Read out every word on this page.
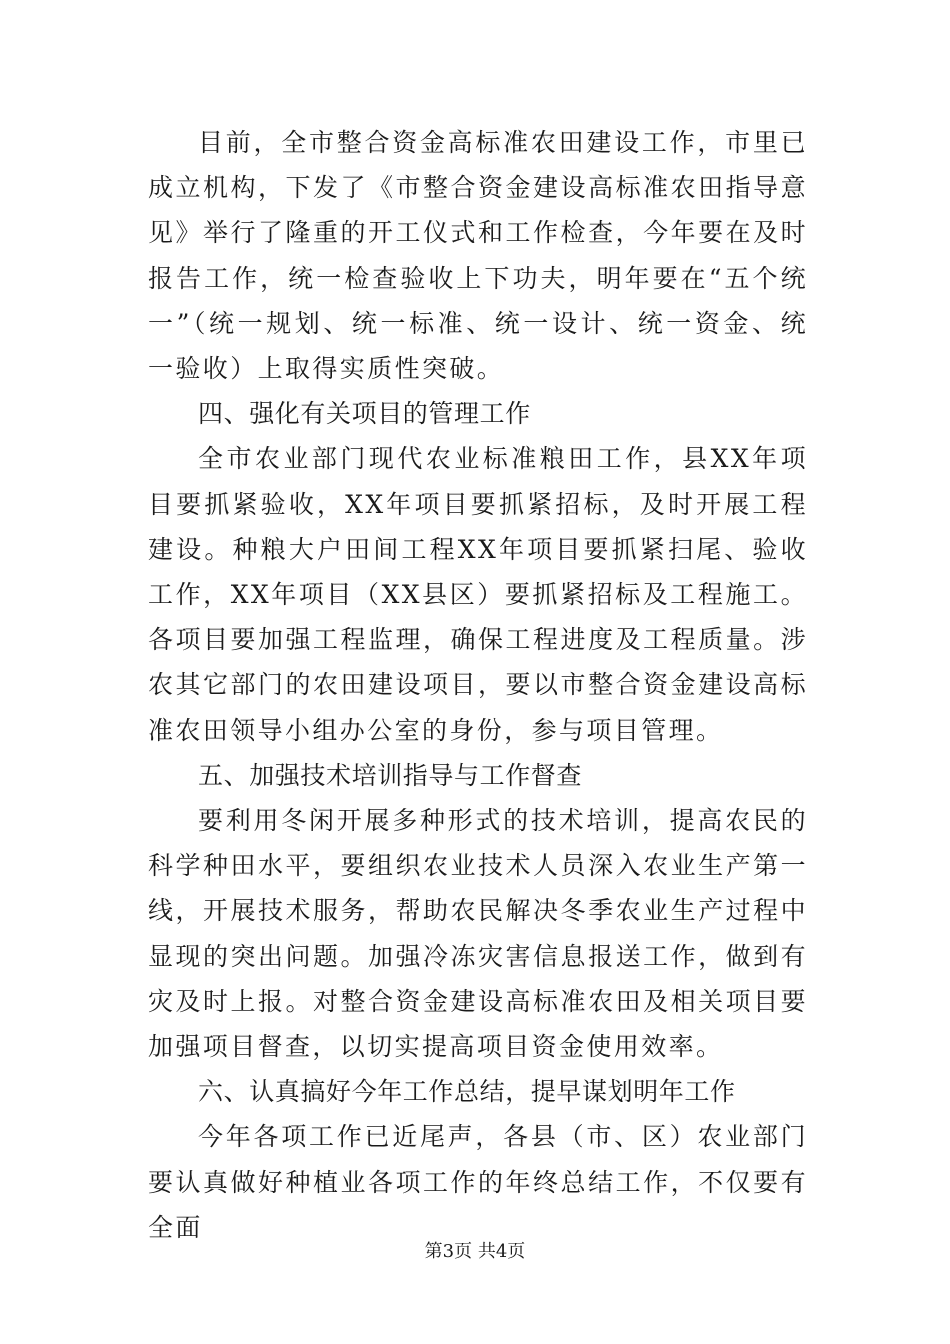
目前，全市整合资金高标准农田建设工作，市里已成立机构，下发了《市整合资金建设高标准农田指导意见》举行了隆重的开工仪式和工作检查，今年要在及时报告工作，统一检查验收上下功夫，明年要在“五个统一”（统一规划、统一标准、统一设计、统一资金、统一验收）上取得实质性突破。

四、强化有关项目的管理工作

全市农业部门现代农业标准粮田工作，县XX年项目要抓紧验收，XX年项目要抓紧招标，及时开展工程建设。种粮大户田间工程XX年项目要抓紧扫尾、验收工作，XX年项目（XX县区）要抓紧招标及工程施工。各项目要加强工程监理，确保工程进度及工程质量。涉农其它部门的农田建设项目，要以市整合资金建设高标准农田领导小组办公室的身份，参与项目管理。

五、加强技术培训指导与工作督查

要利用冬闲开展多种形式的技术培训，提高农民的科学种田水平，要组织农业技术人员深入农业生产第一线，开展技术服务，帮助农民解决冬季农业生产过程中显现的突出问题。加强冷冻灾害信息报送工作，做到有灾及时上报。对整合资金建设高标准农田及相关项目要加强项目督查，以切实提高项目资金使用效率。

六、认真搞好今年工作总结，提早谋划明年工作

今年各项工作已近尾声，各县（市、区）农业部门要认真做好种植业各项工作的年终总结工作，不仅要有全面

第3页 共4页
